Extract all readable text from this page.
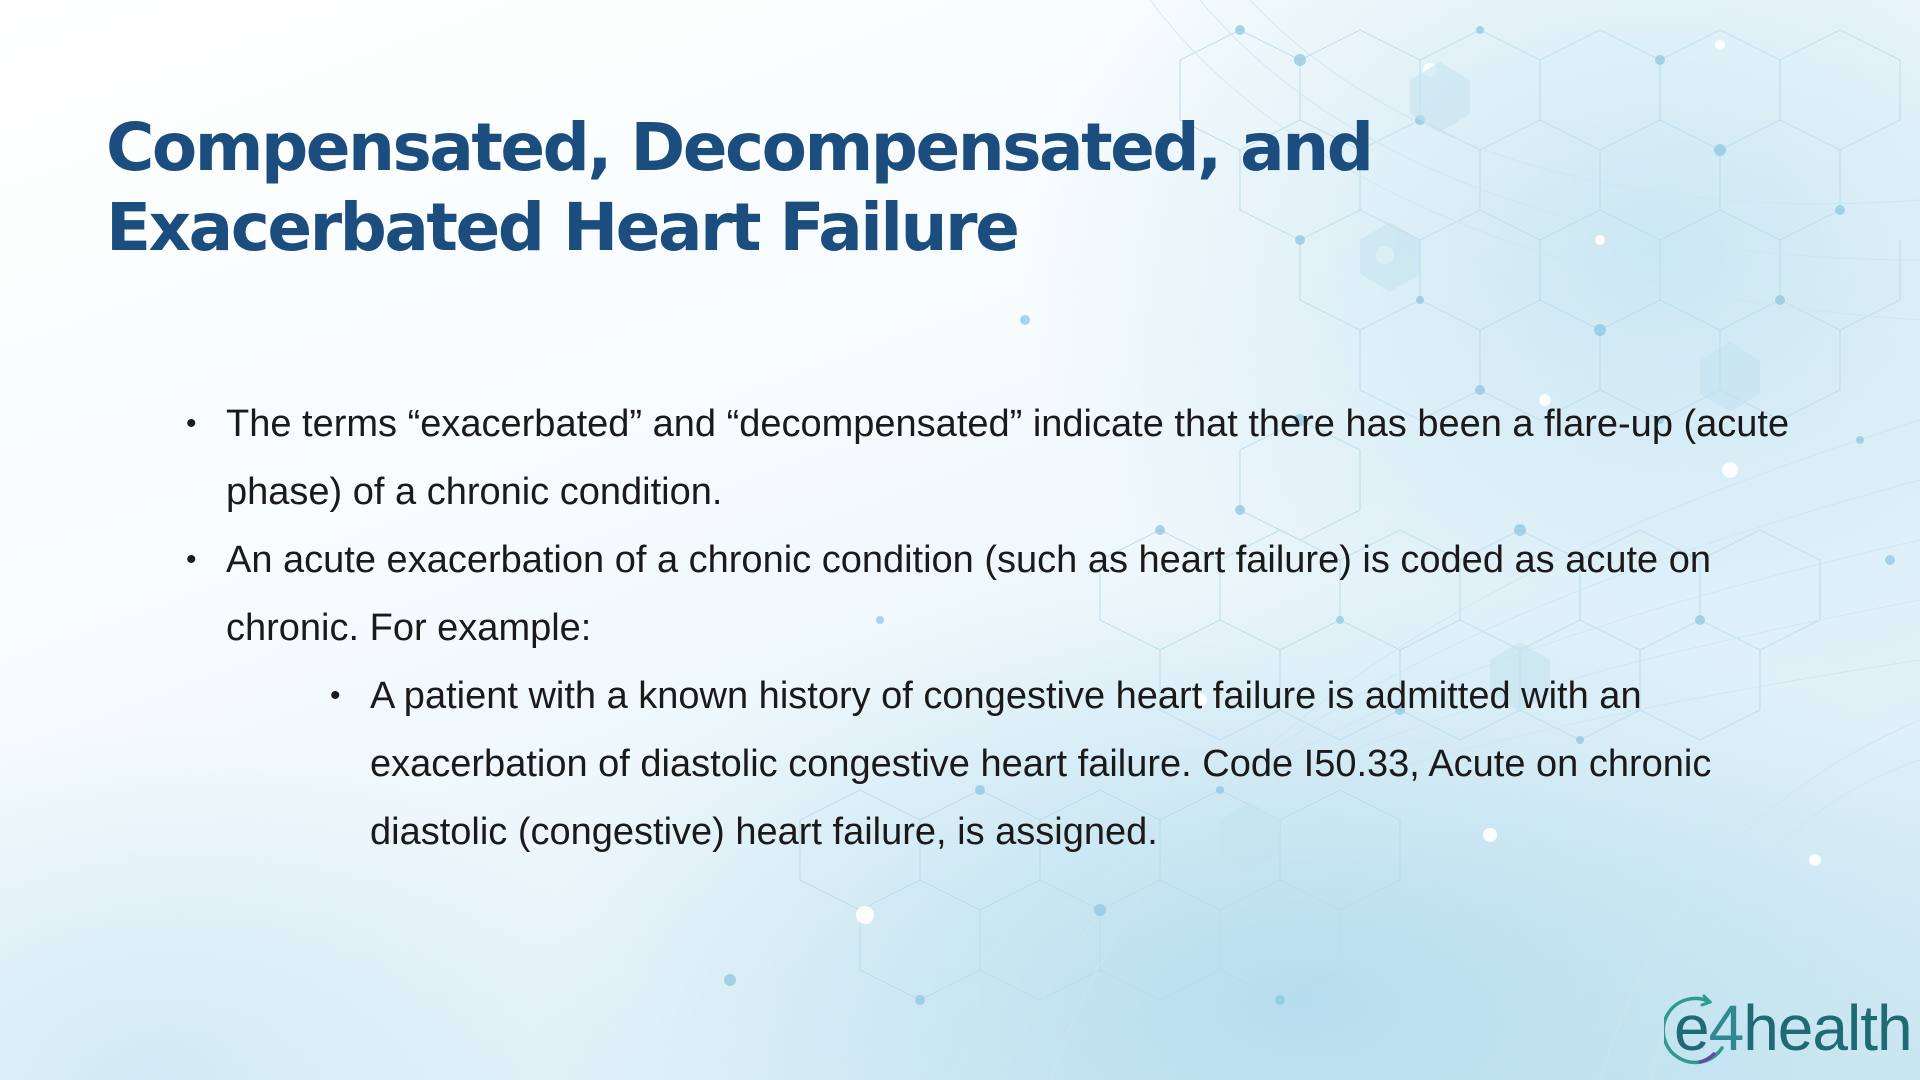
Compensated, Decompensated, and Exacerbated Heart Failure
• The terms “exacerbated” and “decompensated” indicate that there has been a flare-up (acute phase) of a chronic condition.
• An acute exacerbation of a chronic condition (such as heart failure) is coded as acute on chronic. For example:
• A patient with a known history of congestive heart failure is admitted with an exacerbation of diastolic congestive heart failure. Code I50.33, Acute on chronic diastolic (congestive) heart failure, is assigned.
e4health
